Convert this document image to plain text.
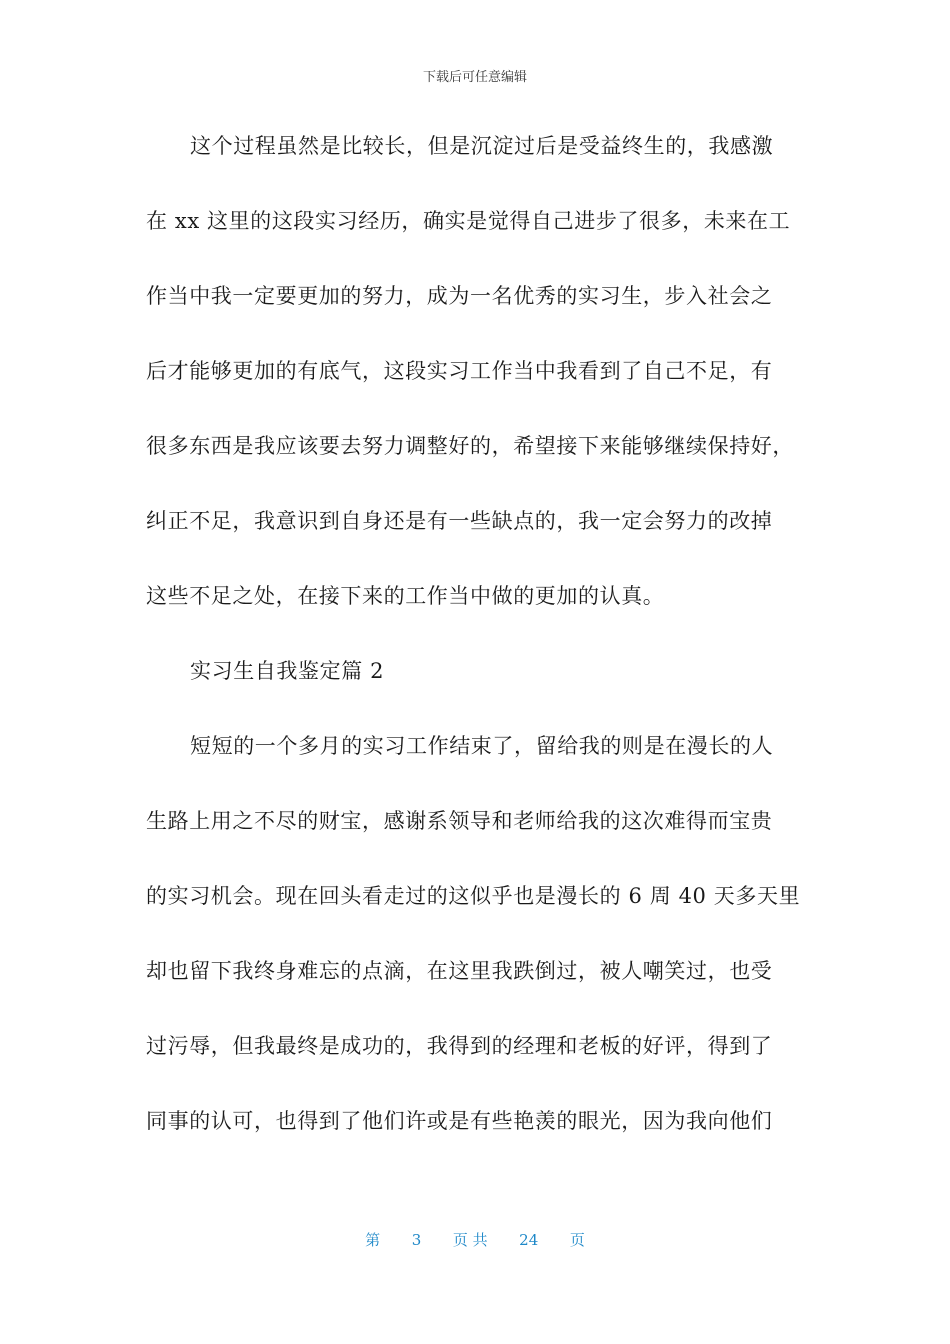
下载后可任意编辑
这个过程虽然是比较长，但是沉淀过后是受益终生的，我感激
在 xx 这里的这段实习经历，确实是觉得自己进步了很多，未来在工
作当中我一定要更加的努力，成为一名优秀的实习生，步入社会之
后才能够更加的有底气，这段实习工作当中我看到了自己不足，有
很多东西是我应该要去努力调整好的，希望接下来能够继续保持好，
纠正不足，我意识到自身还是有一些缺点的，我一定会努力的改掉
这些不足之处，在接下来的工作当中做的更加的认真。
实习生自我鉴定篇 2
短短的一个多月的实习工作结束了，留给我的则是在漫长的人
生路上用之不尽的财宝，感谢系领导和老师给我的这次难得而宝贵
的实习机会。现在回头看走过的这似乎也是漫长的 6 周 40 天多天里
却也留下我终身难忘的点滴，在这里我跌倒过，被人嘲笑过，也受
过污辱，但我最终是成功的，我得到的经理和老板的好评，得到了
同事的认可，也得到了他们许或是有些艳羡的眼光，因为我向他们
第 3 页 共 24 页
